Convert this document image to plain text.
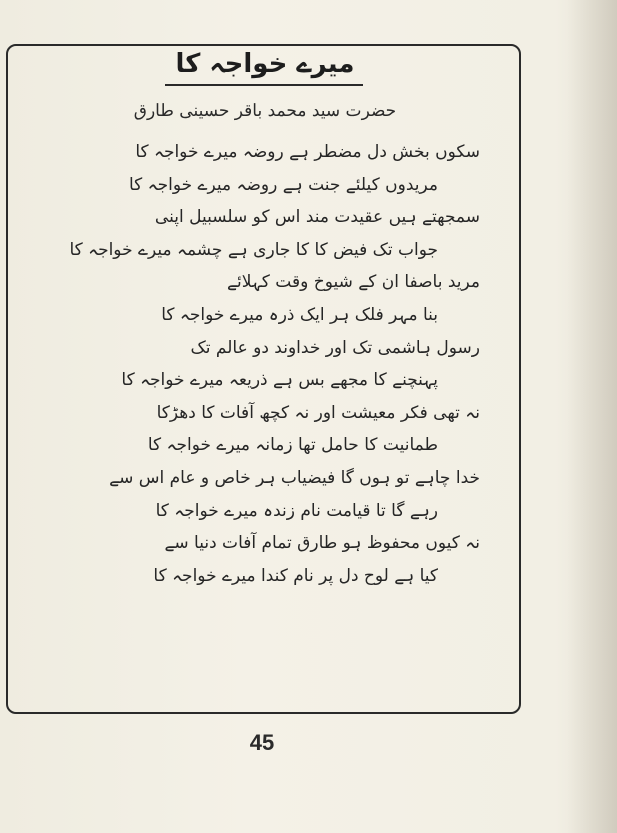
میرے خواجہ کا
حضرت سید محمد باقر حسینی طارق
سکوں بخش دل مضطر ہے روضہ میرے خواجہ کا
مریدوں کیلئے جنت ہے روضہ میرے خواجہ کا
سمجھتے ہیں عقیدت مند اس کو سلسبیل اپنی
جواب تک فیض کا کا جاری ہے چشمہ میرے خواجہ کا
مرید باصفا ان کے شیوخ وقت کہلائے
بنا مہر فلک ہر ایک ذرہ میرے خواجہ کا
رسول ہاشمی تک اور خداوند دو عالم تک
پہنچنے کا مجھے بس ہے ذریعہ میرے خواجہ کا
نہ تھی فکر معیشت اور نہ کچھ آفات کا دھڑکا
طمانیت کا حامل تھا زمانہ میرے خواجہ کا
خدا چاہے تو ہوں گا فیضیاب ہر خاص و عام اس سے
رہے گا تا قیامت نام زندہ میرے خواجہ کا
نہ کیوں محفوظ ہو طارق تمام آفات دنیا سے
کیا ہے لوح دل پر نام کندا میرے خواجہ کا
45
